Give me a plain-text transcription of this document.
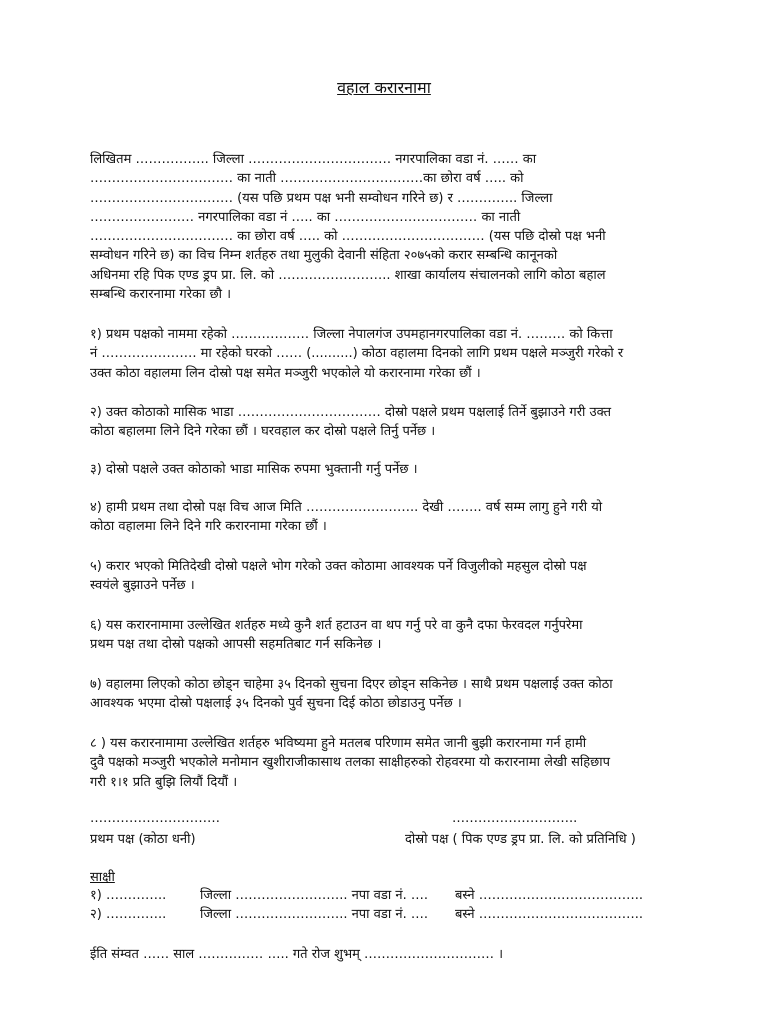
वहाल करारनामा
लिखितम …………….. जिल्ला …………………………… नगरपालिका वडा नं. …… का
…………………………… का नाती ……………………………का छोरा वर्ष ….. को
…………………………… (यस पछि प्रथम पक्ष भनी सम्वोधन गरिने छ) र ………….. जिल्ला
…………………… नगरपालिका वडा नं ….. का …………………………… का नाती
…………………………… का छोरा वर्ष ….. को …………………………… (यस पछि दोस्रो पक्ष भनी
सम्वोधन गरिने छ) का विच निम्न शर्तहरु तथा मुलुकी देवानी संहिता २०७५को करार सम्बन्धि कानूनको
अधिनमा रहि पिक एण्ड ड्रप प्रा. लि. को …………………….. शाखा कार्यालय संचालनको लागि कोठा बहाल
सम्बन्धि करारनामा गरेका छौ ।
१) प्रथम पक्षको नाममा रहेको ……………… जिल्ला नेपालगंज उपमहानगरपालिका वडा नं. ……… को कित्ता
नं …………………. मा रहेको घरको …… (..........) कोठा वहालमा दिनको लागि प्रथम पक्षले मञ्जुरी गरेको र
उक्त कोठा वहालमा लिन दोस्रो पक्ष समेत मञ्जुरी भएकोले यो करारनामा गरेका छौं ।
२) उक्त कोठाको मासिक भाडा …………………………… दोस्रो पक्षले प्रथम पक्षलाई तिर्ने बुझाउने गरी उक्त
कोठा बहालमा लिने दिने गरेका छौं । घरवहाल कर दोस्रो पक्षले तिर्नु पर्नेछ ।
३) दोस्रो पक्षले उक्त कोठाको भाडा मासिक रुपमा भुक्तानी गर्नु पर्नेछ ।
४) हामी प्रथम तथा दोस्रो पक्ष विच आज मिति …………………….. देखी …….. वर्ष सम्म लागु हुने गरी यो
कोठा वहालमा लिने दिने गरि करारनामा गरेका छौं ।
५) करार भएको मितिदेखी दोस्रो पक्षले भोग गरेको उक्त कोठामा आवश्यक पर्ने विजुलीको महसुल दोस्रो पक्ष
स्वयंले बुझाउने पर्नेछ ।
६) यस करारनामामा उल्लेखित शर्तहरु मध्ये कुनै शर्त हटाउन वा थप गर्नु परे वा कुनै दफा फेरवदल गर्नुपरेमा
प्रथम पक्ष तथा दोस्रो पक्षको आपसी सहमतिबाट गर्न सकिनेछ ।
७) वहालमा लिएको कोठा छोड्न चाहेमा ३५ दिनको सुचना दिएर छोड्न सकिनेछ । साथै प्रथम पक्षलाई उक्त कोठा
आवश्यक भएमा दोस्रो पक्षलाई ३५ दिनको पुर्व सुचना दिई कोठा छोडाउनु पर्नेछ ।
८ ) यस करारनामामा उल्लेखित शर्तहरु भविष्यमा हुने मतलब परिणाम समेत जानी बुझी करारनामा गर्न हामी
दुवै पक्षको मञ्जुरी भएकोले मनोमान खुशीराजीकासाथ तलका साक्षीहरुको रोहवरमा यो करारनामा लेखी सहिछाप
गरी १।१ प्रति बुझि लियौं दियौं ।
…………………………
प्रथम पक्ष (कोठा धनी)
………………………..
दोस्रो पक्ष ( पिक एण्ड ड्रप प्रा. लि. को प्रतिनिधि )
साक्षी
१) …………..	जिल्ला …………………….. नपा वडा नं. …. बस्ने ………………………………..
२) …………..	जिल्ला …………………….. नपा वडा नं. …. बस्ने ………………………………..
ईति संम्वत …… साल …………… ….. गते रोज शुभम् ………………………… ।
